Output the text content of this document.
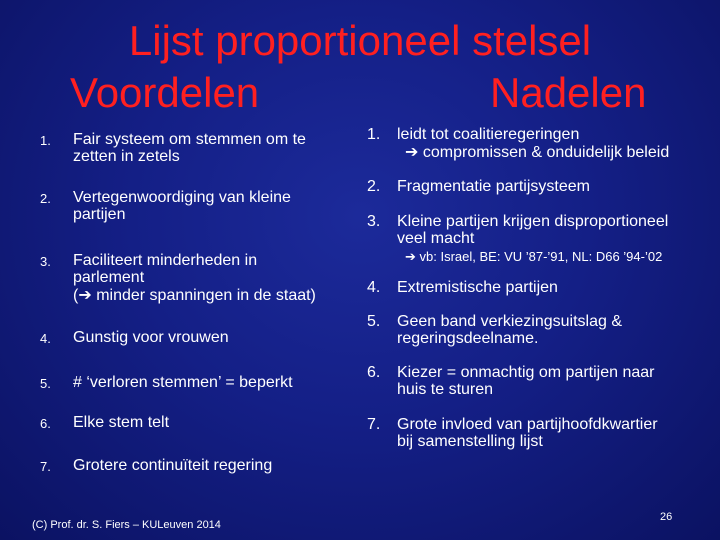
Lijst proportioneel stelsel
Voordelen	Nadelen
1. Fair systeem om stemmen om te
zetten in zetels
2. Vertegenwoordiging van kleine
partijen
3. Faciliteert minderheden in
parlement
(➔ minder spanningen in de staat)
4. Gunstig voor vrouwen
5. # ‘verloren stemmen’ = beperkt
6. Elke stem telt
7. Grotere continuïteit regering
1. leidt tot coalitieregeringen
➔ compromissen & onduidelijk beleid
2. Fragmentatie partijsysteem
3. Kleine partijen krijgen disproportioneel
veel macht
➔ vb: Israel, BE: VU ’87-’91, NL: D66 ’94-’02
4. Extremistische partijen
5. Geen band verkiezingsuitslag &
regeringsdeelname.
6. Kiezer = onmachtig om partijen naar
huis te sturen
7. Grote invloed van partijhoofdkwartier
bij samenstelling lijst
(C) Prof. dr. S. Fiers – KULeuven 2014
26
